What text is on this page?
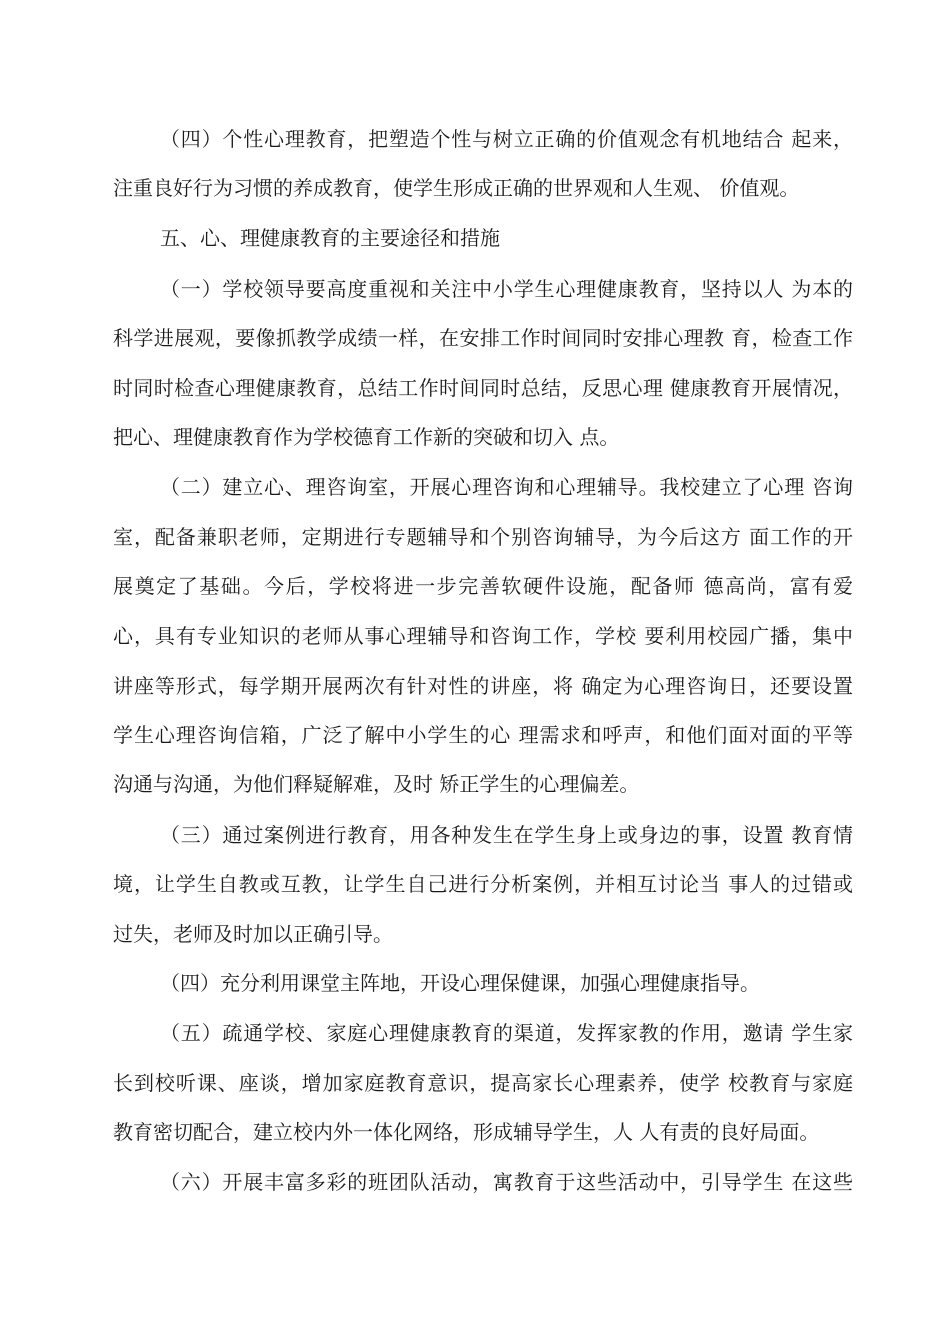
（四）个性心理教育，把塑造个性与树立正确的价值观念有机地结合 起来，
注重良好行为习惯的养成教育，使学生形成正确的世界观和人生观、 价值观。
五、心、理健康教育的主要途径和措施
（一）学校领导要高度重视和关注中小学生心理健康教育，坚持以人 为本的
科学进展观，要像抓教学成绩一样，在安排工作时间同时安排心理教 育，检查工作
时同时检查心理健康教育，总结工作时间同时总结，反思心理 健康教育开展情况，
把心、理健康教育作为学校德育工作新的突破和切入 点。
（二）建立心、理咨询室，开展心理咨询和心理辅导。我校建立了心理 咨询
室，配备兼职老师，定期进行专题辅导和个别咨询辅导，为今后这方 面工作的开
展奠定了基础。今后，学校将进一步完善软硬件设施，配备师 德高尚，富有爱
心，具有专业知识的老师从事心理辅导和咨询工作，学校 要利用校园广播，集中
讲座等形式，每学期开展两次有针对性的讲座，将 确定为心理咨询日，还要设置
学生心理咨询信箱，广泛了解中小学生的心 理需求和呼声，和他们面对面的平等
沟通与沟通，为他们释疑解难，及时 矫正学生的心理偏差。
（三）通过案例进行教育，用各种发生在学生身上或身边的事，设置 教育情
境，让学生自教或互教，让学生自己进行分析案例，并相互讨论当 事人的过错或
过失，老师及时加以正确引导。
（四）充分利用课堂主阵地，开设心理保健课，加强心理健康指导。
（五）疏通学校、家庭心理健康教育的渠道，发挥家教的作用，邀请 学生家
长到校听课、座谈，增加家庭教育意识，提高家长心理素养，使学 校教育与家庭
教育密切配合，建立校内外一体化网络，形成辅导学生，人 人有责的良好局面。
（六）开展丰富多彩的班团队活动，寓教育于这些活动中，引导学生 在这些
